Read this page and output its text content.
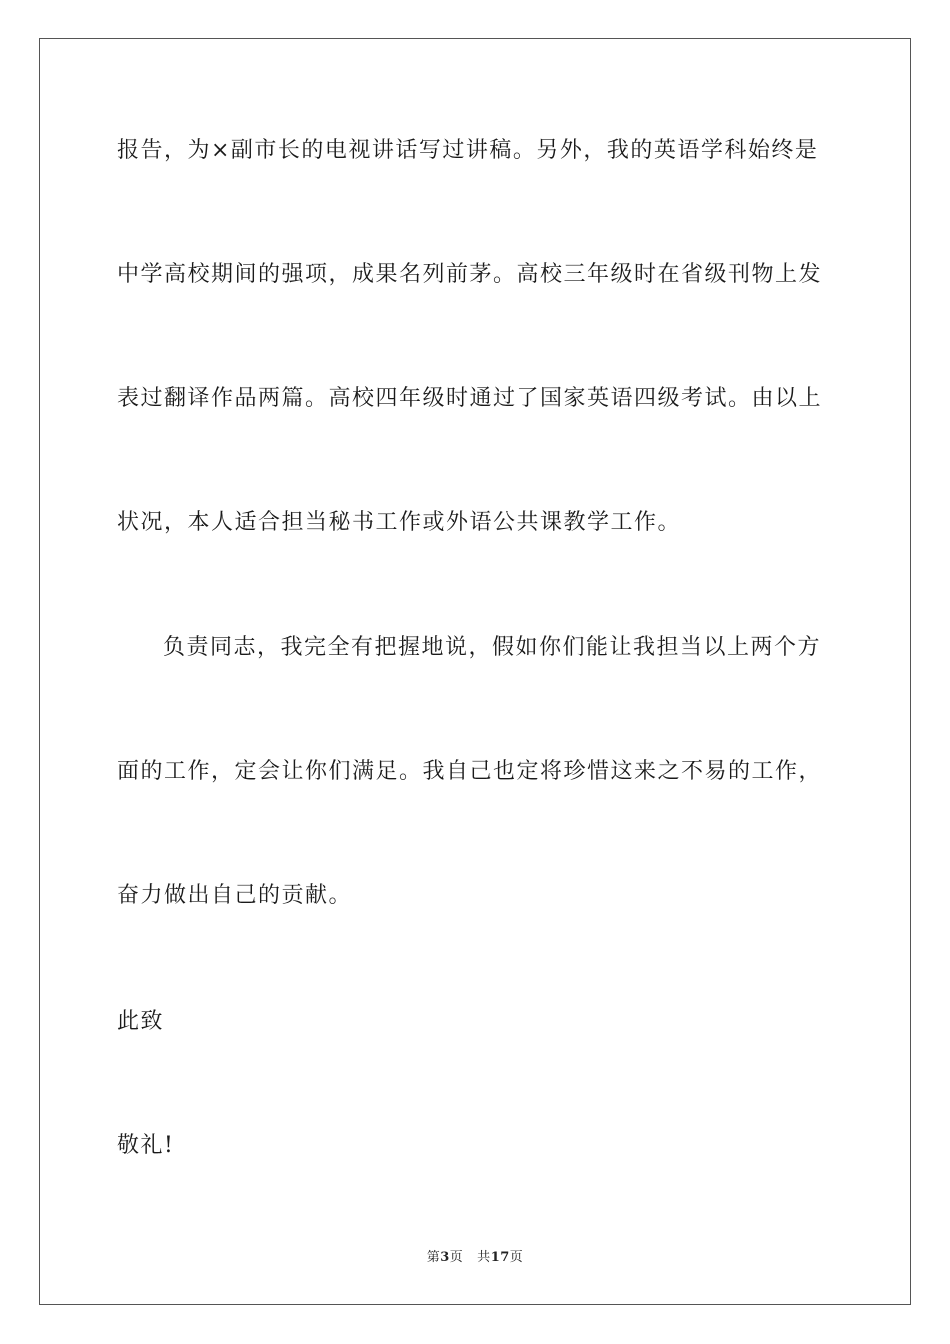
报告，为×副市长的电视讲话写过讲稿。另外，我的英语学科始终是
中学高校期间的强项，成果名列前茅。高校三年级时在省级刊物上发
表过翻译作品两篇。高校四年级时通过了国家英语四级考试。由以上
状况，本人适合担当秘书工作或外语公共课教学工作。
负责同志，我完全有把握地说，假如你们能让我担当以上两个方
面的工作，定会让你们满足。我自己也定将珍惜这来之不易的工作，
奋力做出自己的贡献。
此致
敬礼!
第3页 共17页
